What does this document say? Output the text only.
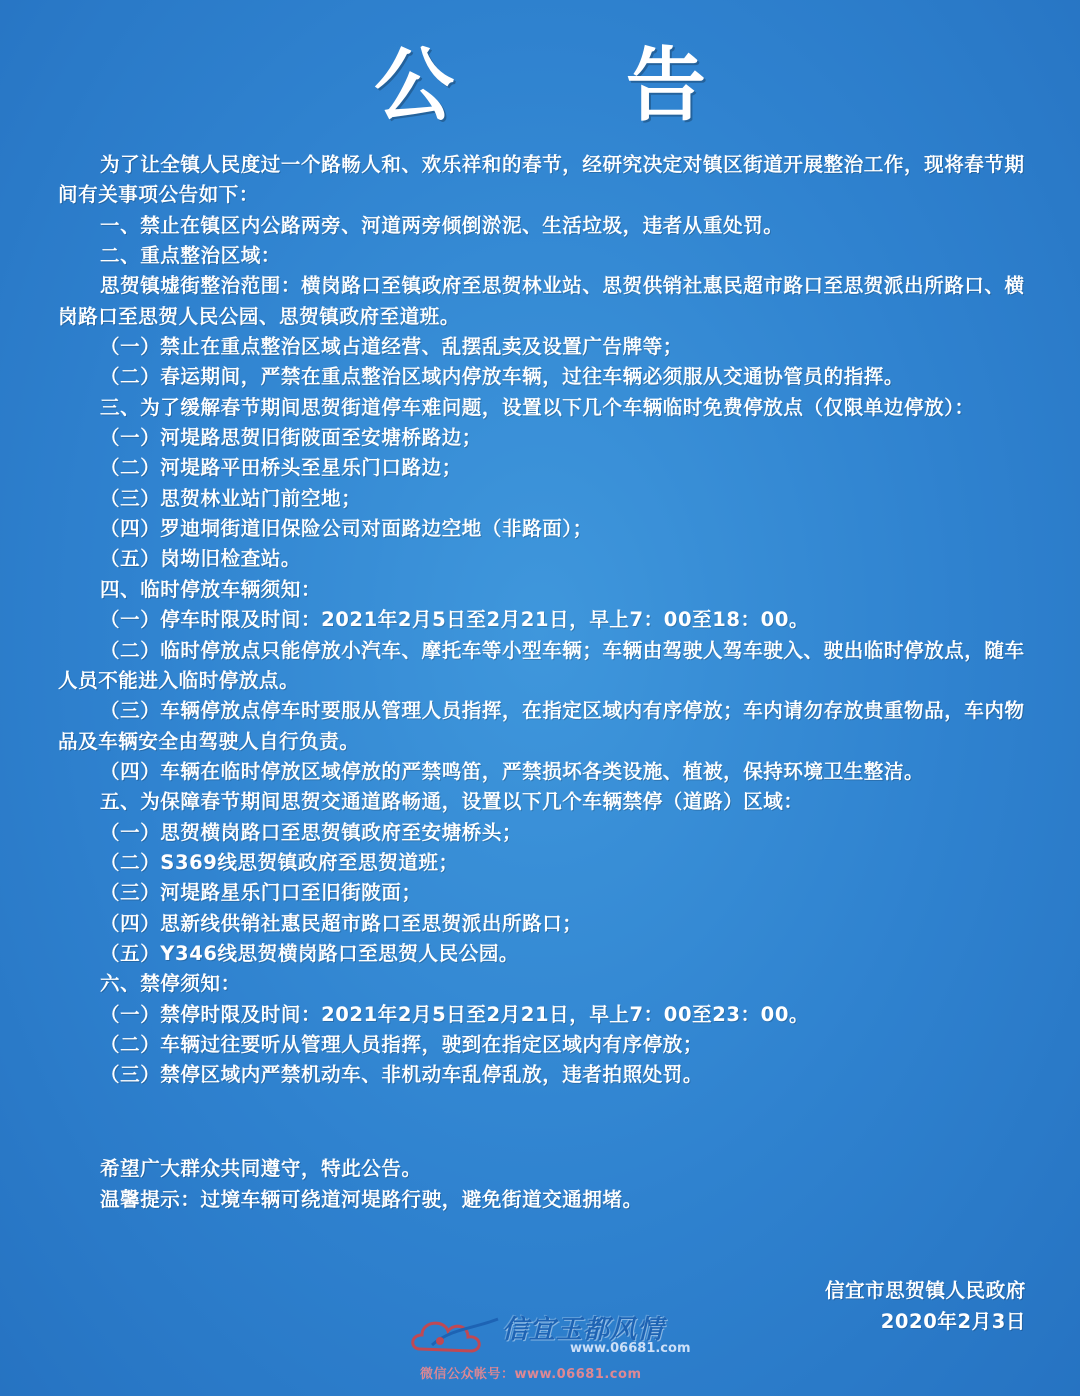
公 告

为了让全镇人民度过一个路畅人和、欢乐祥和的春节，经研究决定对镇区街道开展整治工作，现将春节期间有关事项公告如下：

一、禁止在镇区内公路两旁、河道两旁倾倒淤泥、生活垃圾，违者从重处罚。

二、重点整治区域：

思贺镇墟街整治范围：横岗路口至镇政府至思贺林业站、思贺供销社惠民超市路口至思贺派出所路口、横岗路口至思贺人民公园、思贺镇政府至道班。

（一）禁止在重点整治区域占道经营、乱摆乱卖及设置广告牌等；

（二）春运期间，严禁在重点整治区域内停放车辆，过往车辆必须服从交通协管员的指挥。

三、为了缓解春节期间思贺街道停车难问题，设置以下几个车辆临时免费停放点（仅限单边停放）：

（一）河堤路思贺旧街陂面至安塘桥路边；

（二）河堤路平田桥头至星乐门口路边；

（三）思贺林业站门前空地；

（四）罗迪垌街道旧保险公司对面路边空地（非路面）；

（五）岗坳旧检查站。

四、临时停放车辆须知：

（一）停车时限及时间：2021年2月5日至2月21日，早上7：00至18：00。

（二）临时停放点只能停放小汽车、摩托车等小型车辆；车辆由驾驶人驾车驶入、驶出临时停放点，随车人员不能进入临时停放点。

（三）车辆停放点停车时要服从管理人员指挥，在指定区域内有序停放；车内请勿存放贵重物品，车内物品及车辆安全由驾驶人自行负责。

（四）车辆在临时停放区域停放的严禁鸣笛，严禁损坏各类设施、植被，保持环境卫生整洁。

五、为保障春节期间思贺交通道路畅通，设置以下几个车辆禁停（道路）区域：

（一）思贺横岗路口至思贺镇政府至安塘桥头；

（二）S369线思贺镇政府至思贺道班；

（三）河堤路星乐门口至旧街陂面；

（四）思新线供销社惠民超市路口至思贺派出所路口；

（五）Y346线思贺横岗路口至思贺人民公园。

六、禁停须知：

（一）禁停时限及时间：2021年2月5日至2月21日，早上7：00至23：00。

（二）车辆过往要听从管理人员指挥，驶到在指定区域内有序停放；

（三）禁停区域内严禁机动车、非机动车乱停乱放，违者拍照处罚。

希望广大群众共同遵守，特此公告。

温馨提示：过境车辆可绕道河堤路行驶，避免街道交通拥堵。

信宜市思贺镇人民政府
2020年2月3日
信宜玉都风情
www.06681.com
微信公众帐号：www.06681.com
